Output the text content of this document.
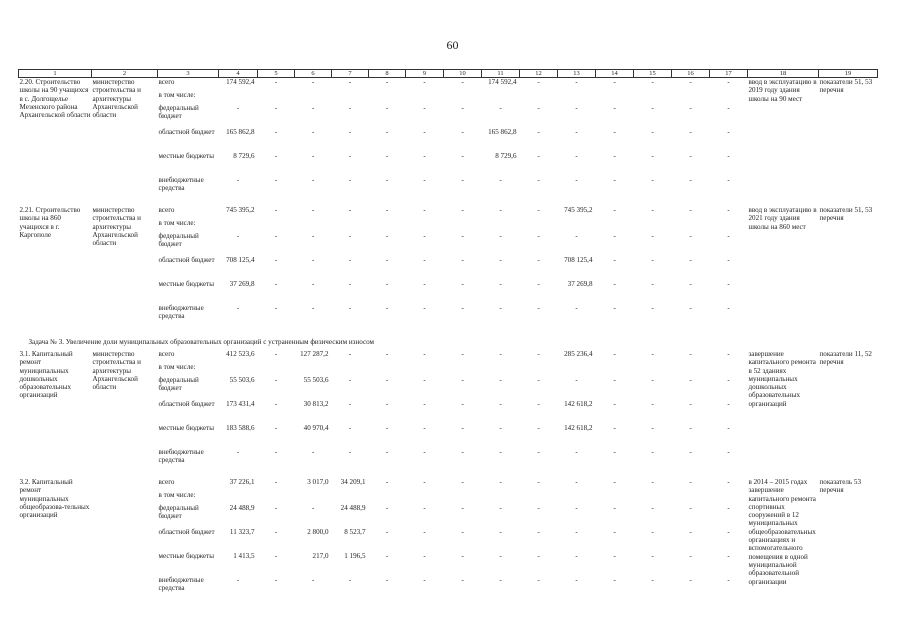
60
1	2	3	4	5	6	7	8	9	10	11	12	13	14	15	16	17	18	19
2.20. Строительство школы на 90 учащихся в с. Долгощелье Мезенского района Архангельской области	министерство строительства и архитектуры Архангельской области	всего	174 592,4	-	-	-	-	-	-	174 592,4	-	-	-	-	-	-	ввод в эксплуатацию в 2019 году здания школы на 90 мест	показатели 51, 53 перечня
		в том числе:																
		федеральный бюджет	-	-	-	-	-	-	-	-	-	-	-	-	-	-		
		областной бюджет	165 862,8	-	-	-	-	-	-	165 862,8	-	-	-	-	-	-		
		местные бюджеты	8 729,6	-	-	-	-	-	-	8 729,6	-	-	-	-	-	-		
		внебюджетные средства	-	-	-	-	-	-	-	-	-	-	-	-	-	-		

2.21. Строительство школы на 860 учащихся в г. Каргополе	министерство строительства и архитектуры Архангельской области	всего	745 395,2	-	-	-	-	-	-	-	-	745 395,2	-	-	-	-	ввод в эксплуатацию в 2021 году здания школы на 860 мест	показатели 51, 53 перечня
		в том числе:																
		федеральный бюджет	-	-	-	-	-	-	-	-	-	-	-	-	-	-		
		областной бюджет	708 125,4	-	-	-	-	-	-	-	-	708 125,4	-	-	-	-		
		местные бюджеты	37 269,8	-	-	-	-	-	-	-	-	37 269,8	-	-	-	-		
		внебюджетные средства	-	-	-	-	-	-	-	-	-	-	-	-	-	-		

Задача № 3. Увеличение доли муниципальных образовательных организаций с устраненным физическим износом																		
3.1. Капитальный ремонт муниципальных дошкольных образовательных организаций	министерство строительства и архитектуры Архангельской области	всего	412 523,6	-	127 287,2	-	-	-	-	-	-	285 236,4	-	-	-	-	завершение капитального ремонта в 52 зданиях муниципальных дошкольных образовательных организаций	показатели 11, 52 перечня
		в том числе:																
		федеральный бюджет	55 503,6	-	55 503,6	-	-	-	-	-	-	-	-	-	-	-		
		областной бюджет	173 431,4	-	30 813,2	-	-	-	-	-	-	142 618,2	-	-	-	-		
		местные бюджеты	183 588,6	-	40 970,4	-	-	-	-	-	-	142 618,2	-	-	-	-		
		внебюджетные средства	-	-	-	-	-	-	-	-	-	-	-	-	-	-		

3.2. Капитальный ремонт муниципальных общеобразова-тельных организаций		всего	37 226,1	-	3 017,0	34 209,1	-	-	-	-	-	-	-	-	-	-	в 2014 – 2015 годах завершение капитального ремонта спортивных сооружений в 12 муниципальных общеобразовательных организациях и вспомогательного помещения в одной муниципальной образовательной организации	показатель 53 перечня
		в том числе:																
		федеральный бюджет	24 488,9	-	-	24 488,9	-	-	-	-	-	-	-	-	-	-		
		областной бюджет	11 323,7	-	2 800,0	8 523,7	-	-	-	-	-	-	-	-	-	-		
		местные бюджеты	1 413,5	-	217,0	1 196,5	-	-	-	-	-	-	-	-	-	-		
		внебюджетные средства	-	-	-	-	-	-	-	-	-	-	-	-	-	-		
